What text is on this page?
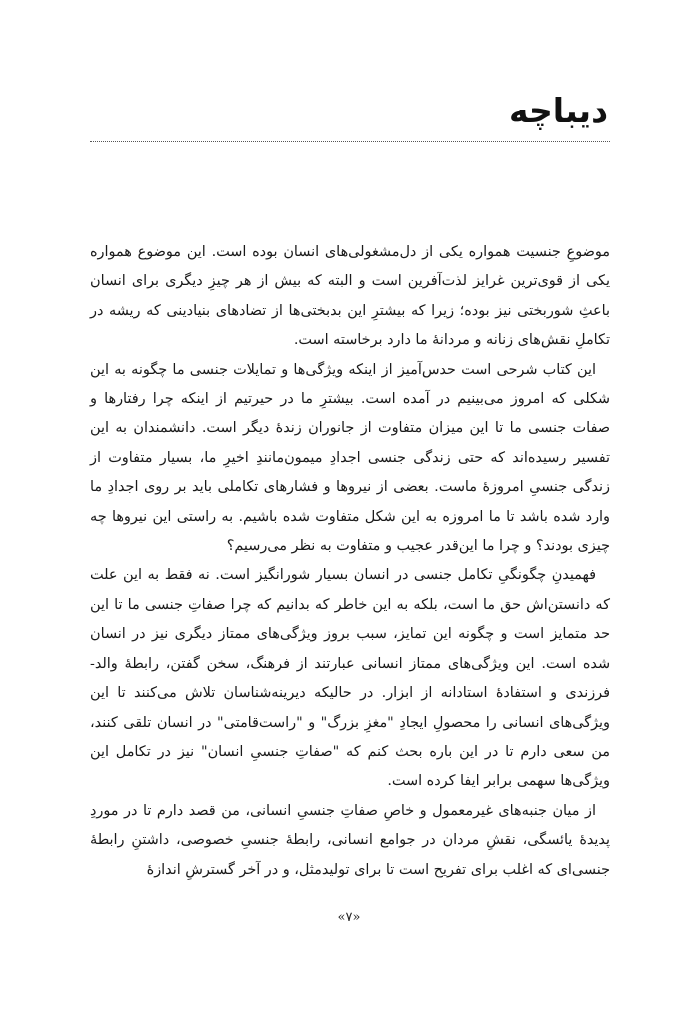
دیباچه

موضوعِ جنسیت همواره یکی از دل‌مشغولی‌های انسان بوده است. این موضوع همواره یکی از قوی‌ترین غرایز لذت‌آفرین است و البته که بیش از هر چیزِ دیگری برای انسان باعثِ شوربختی نیز بوده؛ زیرا که بیشترِ این بدبختی‌ها از تضادهای بنیادینی که ریشه در تکاملِ نقش‌های زنانه و مردانهٔ ما دارد برخاسته است.

این کتاب شرحی است حدس‌آمیز از اینکه ویژگی‌ها و تمایلات جنسی ما چگونه به این شکلی که امروز می‌بینیم در آمده است. بیشترِ ما در حیرتیم از اینکه چرا رفتارها و صفات جنسی ما تا این میزان متفاوت از جانوران زندهٔ دیگر است. دانشمندان به این تفسیر رسیده‌اند که حتی زندگی جنسی اجدادِ میمون‌مانندِ اخیرِ ما، بسیار متفاوت از زندگی جنسیِ امروزهٔ ماست. بعضی از نیروها و فشارهای تکاملی باید بر روی اجدادِ ما وارد شده باشد تا ما امروزه به این شکل متفاوت شده باشیم. به راستی این نیروها چه چیزی بودند؟ و چرا ما این‌قدر عجیب و متفاوت به نظر می‌رسیم؟

فهمیدنِ چگونگیِ تکامل جنسی در انسان بسیار شورانگیز است. نه فقط به این علت که دانستن‌اش حق ما است، بلکه به این خاطر که بدانیم که چرا صفاتِ جنسی ما تا این حد متمایز است و چگونه این تمایز، سبب بروز ویژگی‌های ممتاز دیگری نیز در انسان شده است. این ویژگی‌های ممتاز انسانی عبارتند از فرهنگ، سخن گفتن، رابطهٔ والد-فرزندی و استفادهٔ استادانه از ابزار. در حالیکه دیرینه‌شناسان تلاش می‌کنند تا این ویژگی‌های انسانی را محصولِ ایجادِ "مغزِ بزرگ" و "راست‌قامتی" در انسان تلقی کنند، من سعی دارم تا در این باره بحث کنم که "صفاتِ جنسیِ انسان" نیز در تکامل این ویژگی‌ها سهمی برابر ایفا کرده است.

از میان جنبه‌های غیرمعمول و خاصِ صفاتِ جنسیِ انسانی، من قصد دارم تا در موردِ پدیدهٔ یائسگی، نقشِ مردان در جوامع انسانی، رابطهٔ جنسیِ خصوصی، داشتنِ رابطهٔ جنسی‌ای که اغلب برای تفریح است تا برای تولیدمثل، و در آخر گسترشِ اندازهٔ

«۷»
